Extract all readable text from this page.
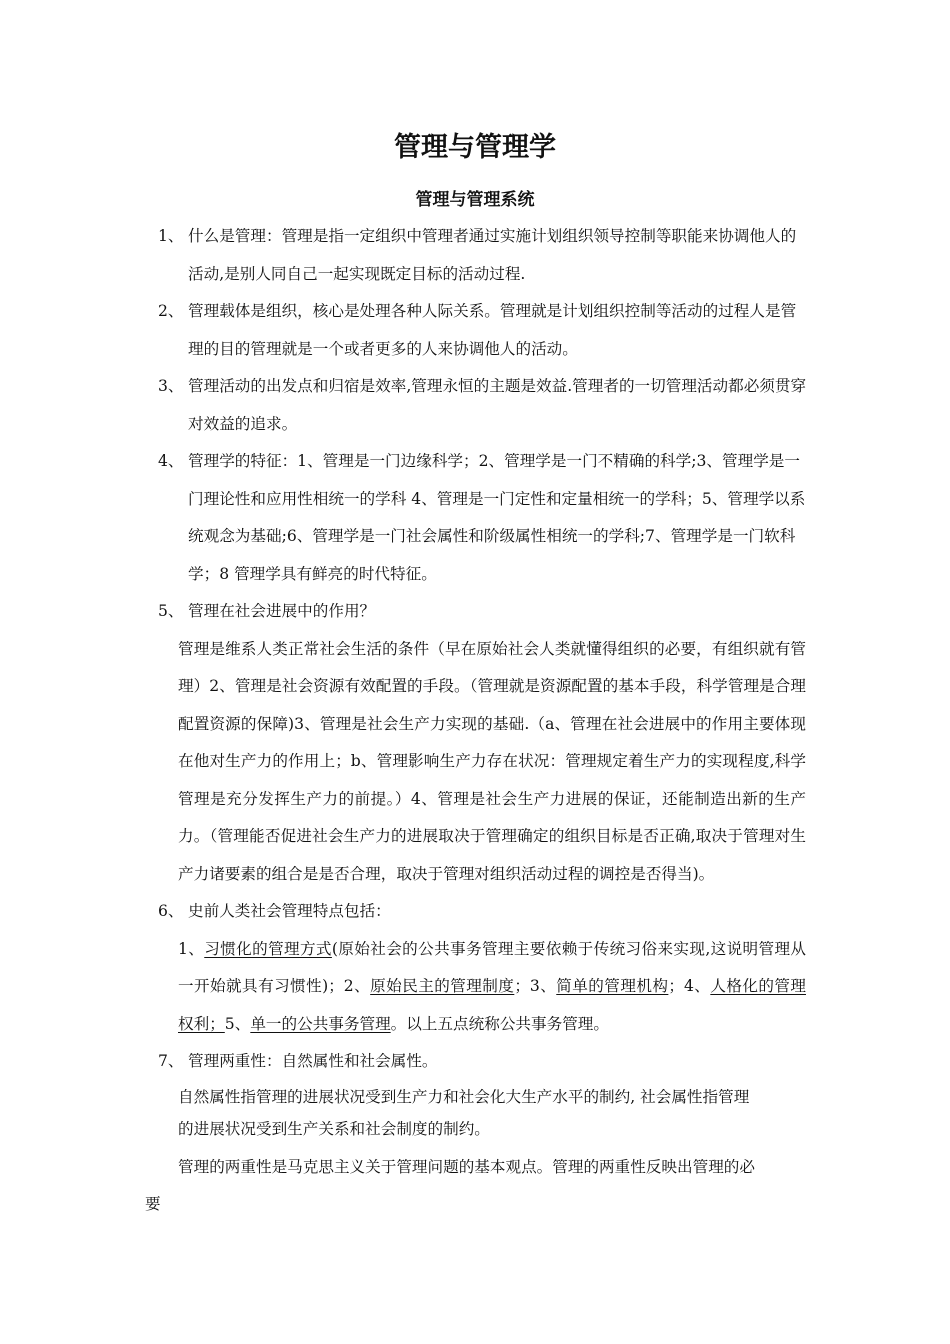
管理与管理学
管理与管理系统

1、 什么是管理：管理是指一定组织中管理者通过实施计划组织领导控制等职能来协调他人的活动,是别人同自己一起实现既定目标的活动过程.

2、 管理载体是组织，核心是处理各种人际关系。管理就是计划组织控制等活动的过程人是管理的目的管理就是一个或者更多的人来协调他人的活动。

3、 管理活动的出发点和归宿是效率,管理永恒的主题是效益.管理者的一切管理活动都必须贯穿对效益的追求。

4、 管理学的特征：1、管理是一门边缘科学；2、管理学是一门不精确的科学;3、管理学是一门理论性和应用性相统一的学科 4、管理是一门定性和定量相统一的学科；5、管理学以系统观念为基础;6、管理学是一门社会属性和阶级属性相统一的学科;7、管理学是一门软科学；8 管理学具有鲜亮的时代特征。

5、 管理在社会进展中的作用？

管理是维系人类正常社会生活的条件（早在原始社会人类就懂得组织的必要，有组织就有管理）2、管理是社会资源有效配置的手段。（管理就是资源配置的基本手段，科学管理是合理配置资源的保障)3、管理是社会生产力实现的基础.（a、管理在社会进展中的作用主要体现在他对生产力的作用上；b、管理影响生产力存在状况：管理规定着生产力的实现程度,科学管理是充分发挥生产力的前提。）4、管理是社会生产力进展的保证，还能制造出新的生产力。（管理能否促进社会生产力的进展取决于管理确定的组织目标是否正确,取决于管理对生产力诸要素的组合是是否合理，取决于管理对组织活动过程的调控是否得当)。

6、 史前人类社会管理特点包括：

1、习惯化的管理方式(原始社会的公共事务管理主要依赖于传统习俗来实现,这说明管理从一开始就具有习惯性)；2、原始民主的管理制度；3、简单的管理机构；4、人格化的管理权利；5、单一的公共事务管理。以上五点统称公共事务管理。

7、 管理两重性：自然属性和社会属性。

自然属性指管理的进展状况受到生产力和社会化大生产水平的制约, 社会属性指管理

的进展状况受到生产关系和社会制度的制约。

管理的两重性是马克思主义关于管理问题的基本观点。管理的两重性反映出管理的必

要
